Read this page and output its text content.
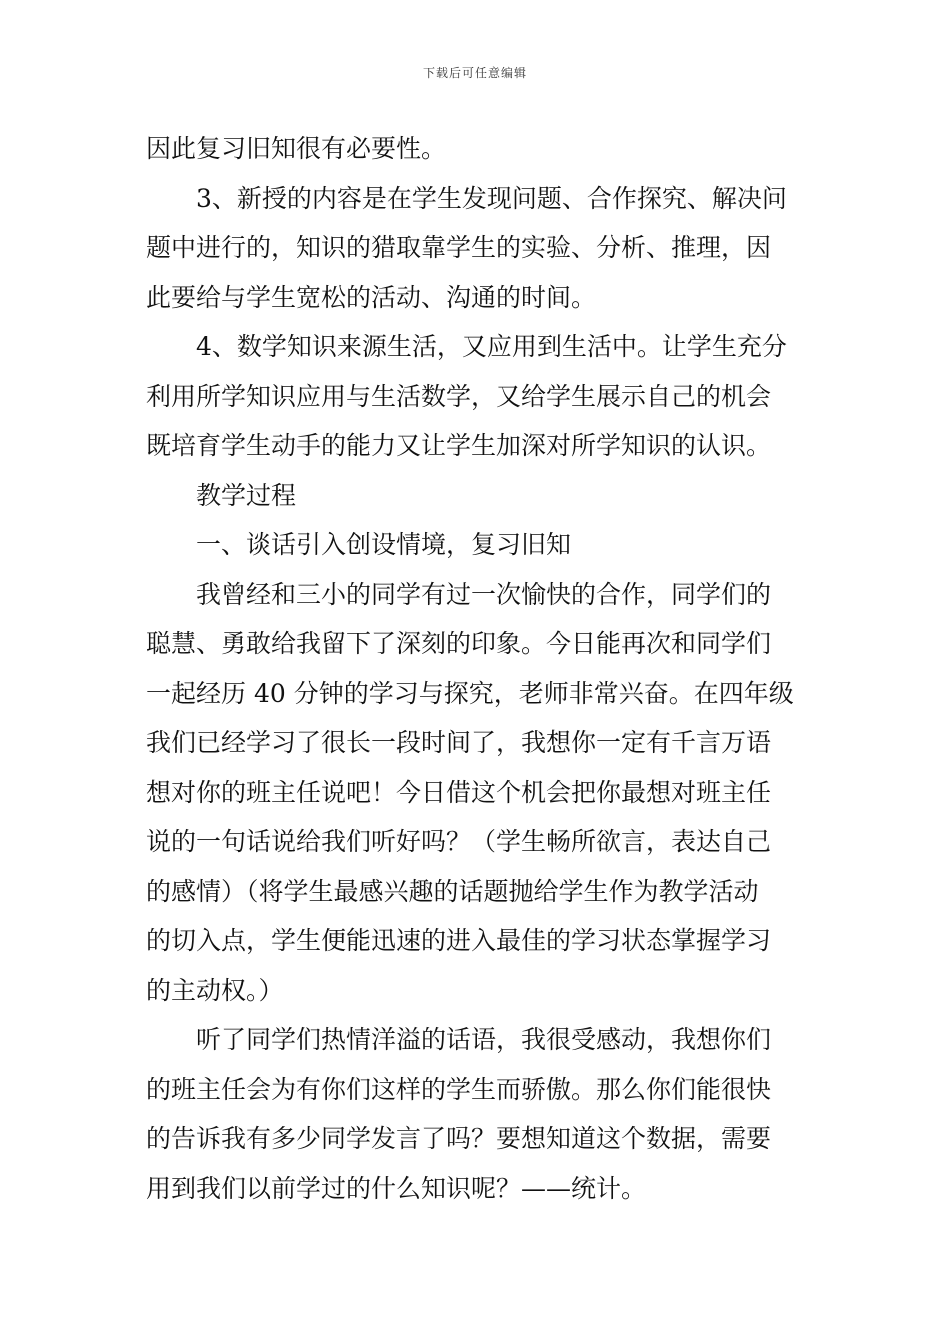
下载后可任意编辑
因此复习旧知很有必要性。
3、新授的内容是在学生发现问题、合作探究、解决问
题中进行的，知识的猎取靠学生的实验、分析、推理，因
此要给与学生宽松的活动、沟通的时间。
4、数学知识来源生活，又应用到生活中。让学生充分
利用所学知识应用与生活数学，又给学生展示自己的机会
既培育学生动手的能力又让学生加深对所学知识的认识。
教学过程
一、谈话引入创设情境，复习旧知
我曾经和三小的同学有过一次愉快的合作，同学们的
聪慧、勇敢给我留下了深刻的印象。今日能再次和同学们
一起经历 40 分钟的学习与探究，老师非常兴奋。在四年级
我们已经学习了很长一段时间了，我想你一定有千言万语
想对你的班主任说吧！今日借这个机会把你最想对班主任
说的一句话说给我们听好吗？（学生畅所欲言，表达自己
的感情）（将学生最感兴趣的话题抛给学生作为教学活动
的切入点，学生便能迅速的进入最佳的学习状态掌握学习
的主动权。）
听了同学们热情洋溢的话语，我很受感动，我想你们
的班主任会为有你们这样的学生而骄傲。那么你们能很快
的告诉我有多少同学发言了吗？要想知道这个数据，需要
用到我们以前学过的什么知识呢？——统计。
